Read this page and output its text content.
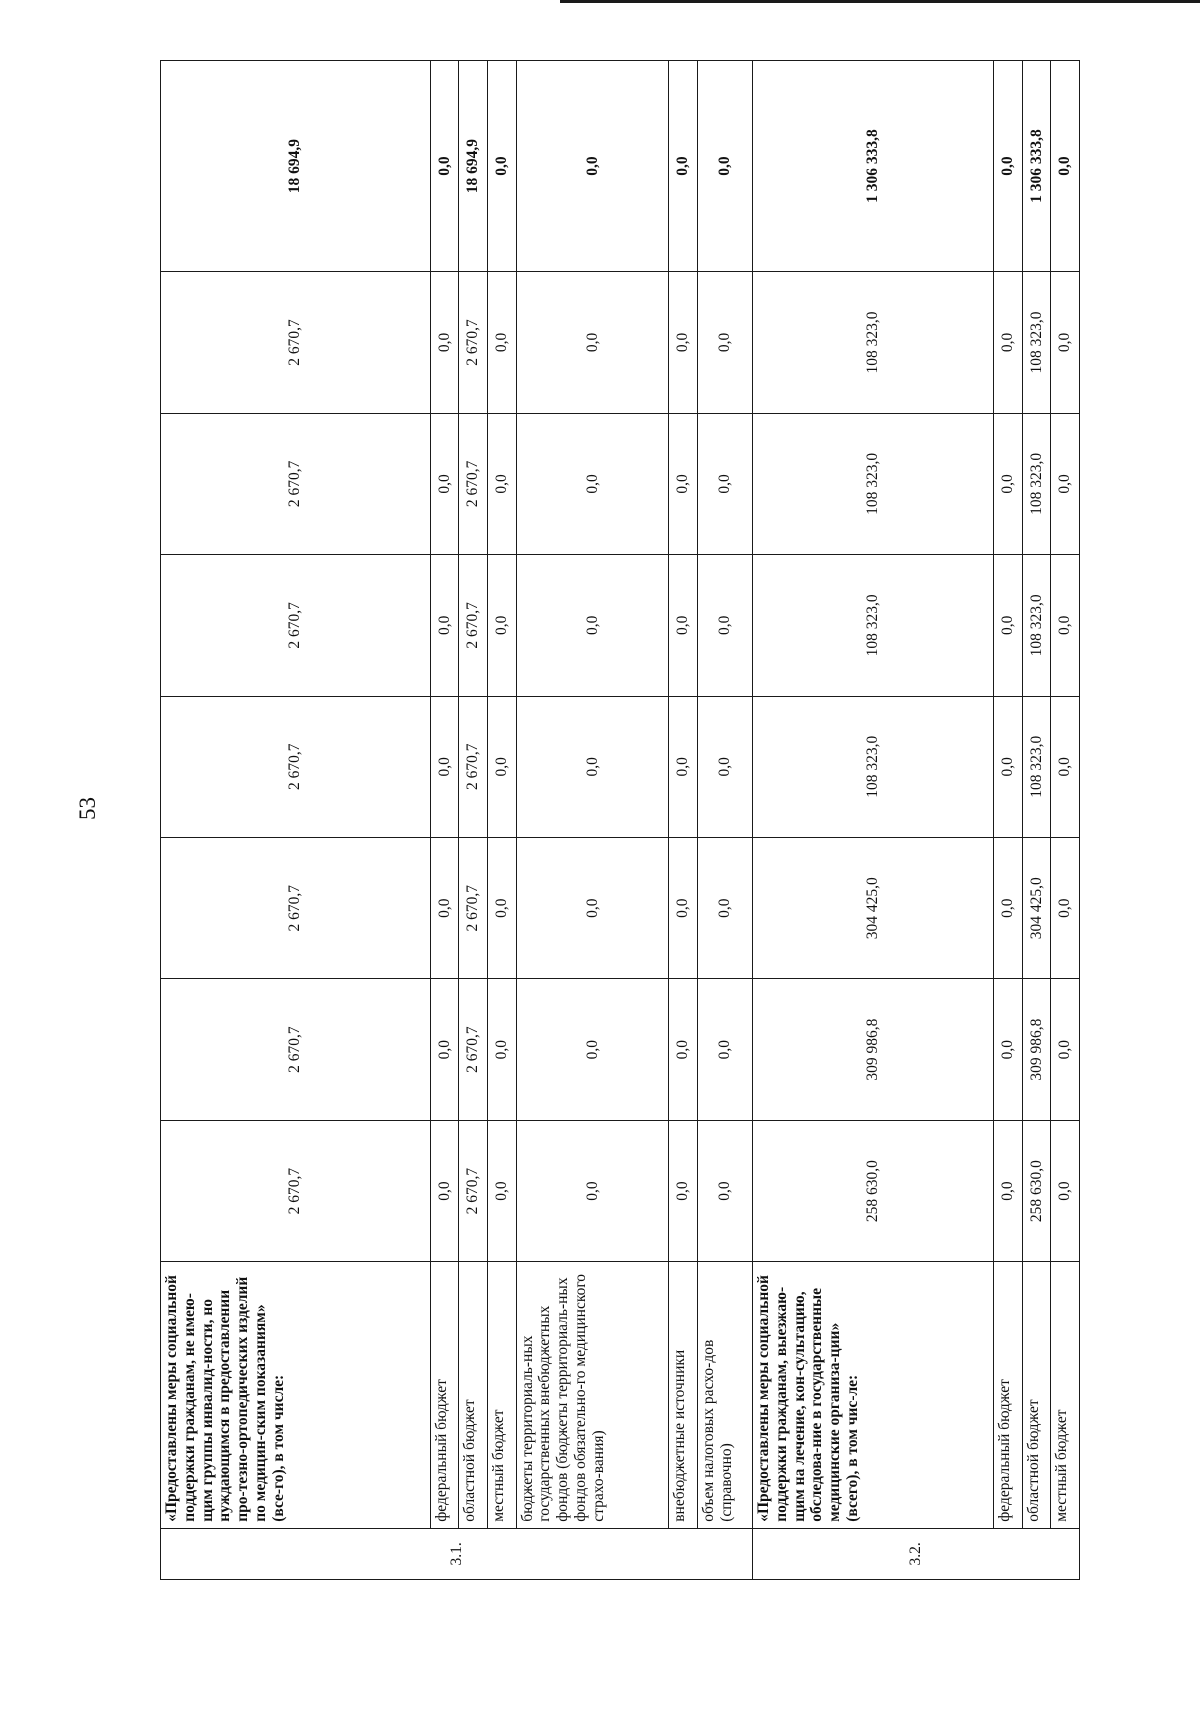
53
3.1.	«Предоставлены меры социальной поддержки гражданам, не имею-щим группы инвалид-ности, но нуждающимся в предоставлении про-тезно-ортопедических изделий по медицин-ским показаниям» (все-го), в том числе:	2 670,7	2 670,7	2 670,7	2 670,7	2 670,7	2 670,7	2 670,7	18 694,9
	федеральный бюджет	0,0	0,0	0,0	0,0	0,0	0,0	0,0	0,0
	областной бюджет	2 670,7	2 670,7	2 670,7	2 670,7	2 670,7	2 670,7	2 670,7	18 694,9
	местный бюджет	0,0	0,0	0,0	0,0	0,0	0,0	0,0	0,0
	бюджеты территориаль-ных государственных внебюджетных фондов (бюджеты территориаль-ных фондов обязательно-го медицинского страхо-вания)	0,0	0,0	0,0	0,0	0,0	0,0	0,0	0,0
	внебюджетные источники	0,0	0,0	0,0	0,0	0,0	0,0	0,0	0,0
	объем налоговых расхо-дов (справочно)	0,0	0,0	0,0	0,0	0,0	0,0	0,0	0,0
3.2.	«Предоставлены меры социальной поддержки гражданам, выезжаю-щим на лечение, кон-сультацию, обследова-ние в государственные медицинские организа-ции» (всего), в том чис-ле:	258 630,0	309 986,8	304 425,0	108 323,0	108 323,0	108 323,0	108 323,0	1 306 333,8
	федеральный бюджет	0,0	0,0	0,0	0,0	0,0	0,0	0,0	0,0
	областной бюджет	258 630,0	309 986,8	304 425,0	108 323,0	108 323,0	108 323,0	108 323,0	1 306 333,8
	местный бюджет	0,0	0,0	0,0	0,0	0,0	0,0	0,0	0,0
